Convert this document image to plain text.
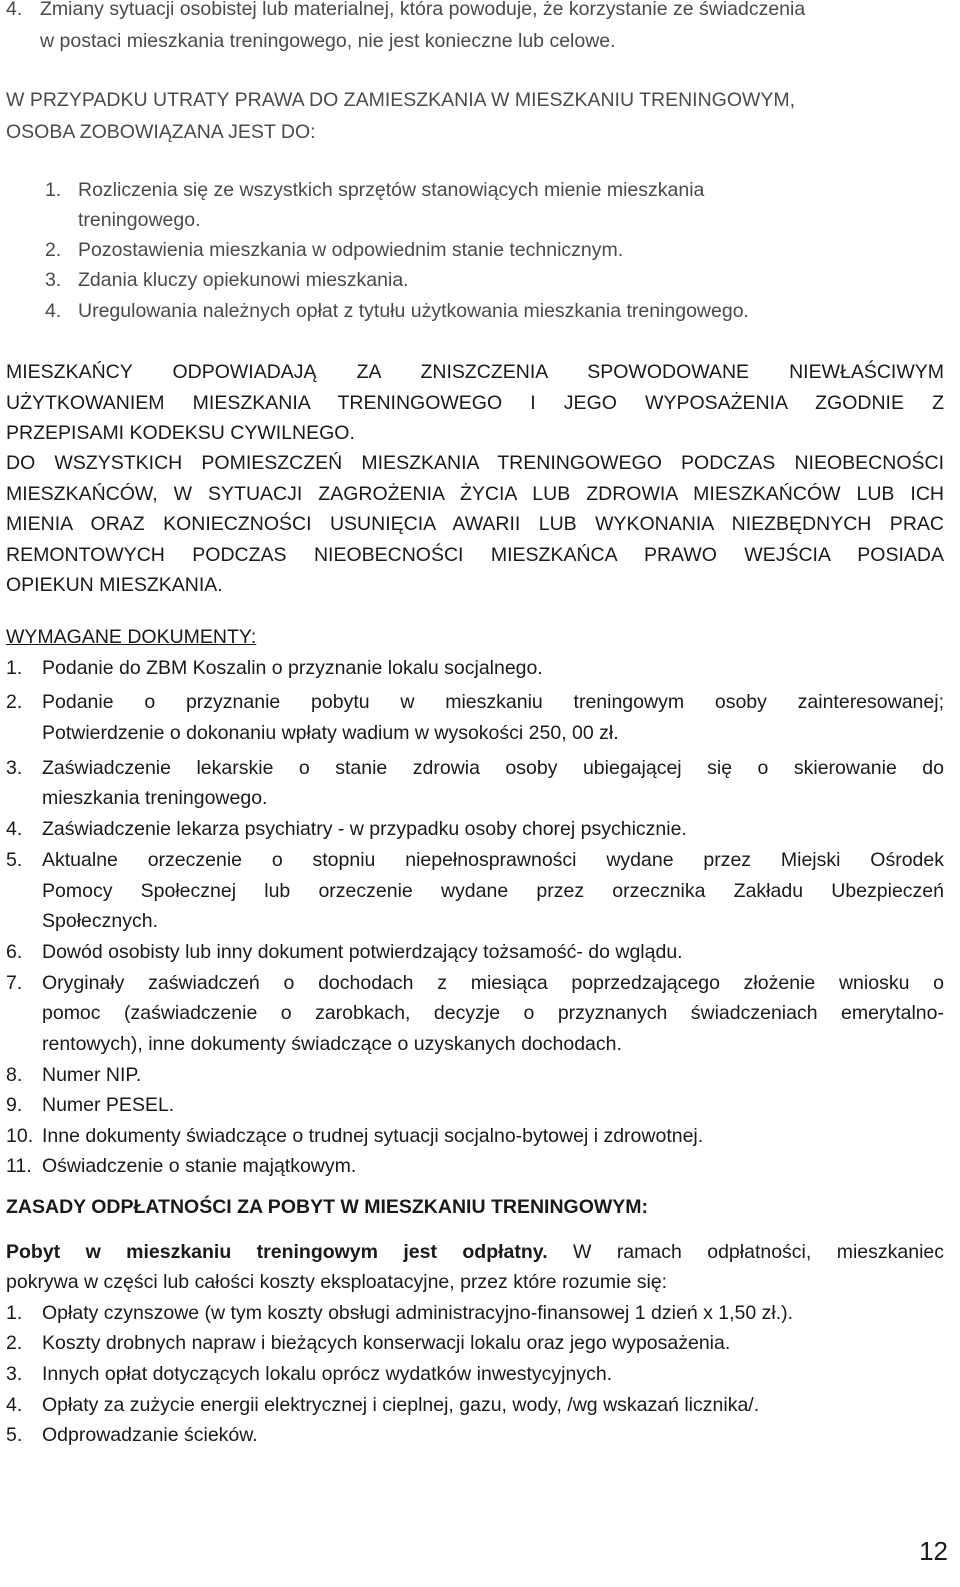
4. Zmiany sytuacji osobistej lub materialnej, która powoduje, że korzystanie ze świadczenia
w postaci mieszkania treningowego, nie jest konieczne lub celowe.
W PRZYPADKU UTRATY PRAWA DO ZAMIESZKANIA W MIESZKANIU TRENINGOWYM,
OSOBA ZOBOWIĄZANA JEST DO:
1. Rozliczenia się ze wszystkich sprzętów stanowiących mienie mieszkania
treningowego.
2. Pozostawienia mieszkania w odpowiednim stanie technicznym.
3. Zdania kluczy opiekunowi mieszkania.
4. Uregulowania należnych opłat z tytułu użytkowania mieszkania treningowego.
MIESZKAŃCY ODPOWIADAJĄ ZA ZNISZCZENIA SPOWODOWANE NIEWŁAŚCIWYM
UŻYTKOWANIEM MIESZKANIA TRENINGOWEGO I JEGO WYPOSAŻENIA ZGODNIE Z
PRZEPISAMI KODEKSU CYWILNEGO.
DO WSZYSTKICH POMIESZCZEŃ MIESZKANIA TRENINGOWEGO PODCZAS NIEOBECNOŚCI
MIESZKAŃCÓW, W SYTUACJI ZAGROŻENIA ŻYCIA LUB ZDROWIA MIESZKAŃCÓW LUB ICH
MIENIA ORAZ KONIECZNOŚCI USUNIĘCIA AWARII LUB WYKONANIA NIEZBĘDNYCH PRAC
REMONTOWYCH PODCZAS NIEOBECNOŚCI MIESZKAŃCA PRAWO WEJŚCIA POSIADA
OPIEKUN MIESZKANIA.
WYMAGANE DOKUMENTY:
1. Podanie do ZBM Koszalin o przyznanie lokalu socjalnego.
2. Podanie o przyznanie pobytu w mieszkaniu treningowym osoby zainteresowanej;
Potwierdzenie o dokonaniu wpłaty wadium w wysokości 250, 00 zł.
3. Zaświadczenie lekarskie o stanie zdrowia osoby ubiegającej się o skierowanie do
mieszkania treningowego.
4. Zaświadczenie lekarza psychiatry - w przypadku osoby chorej psychicznie.
5. Aktualne orzeczenie o stopniu niepełnosprawności wydane przez Miejski Ośrodek
Pomocy Społecznej lub orzeczenie wydane przez orzecznika Zakładu Ubezpieczeń
Społecznych.
6. Dowód osobisty lub inny dokument potwierdzający tożsamość- do wglądu.
7. Oryginały zaświadczeń o dochodach z miesiąca poprzedzającego złożenie wniosku o
pomoc (zaświadczenie o zarobkach, decyzje o przyznanych świadczeniach emerytalno-
rentowych), inne dokumenty świadczące o uzyskanych dochodach.
8. Numer NIP.
9. Numer PESEL.
10. Inne dokumenty świadczące o trudnej sytuacji socjalno-bytowej i zdrowotnej.
11. Oświadczenie o stanie majątkowym.
ZASADY ODPŁATNOŚCI ZA POBYT W MIESZKANIU TRENINGOWYM:
Pobyt w mieszkaniu treningowym jest odpłatny. W ramach odpłatności, mieszkaniec
pokrywa w części lub całości koszty eksploatacyjne, przez które rozumie się:
1. Opłaty czynszowe (w tym koszty obsługi administracyjno-finansowej 1 dzień x 1,50 zł.).
2. Koszty drobnych napraw i bieżących konserwacji lokalu oraz jego wyposażenia.
3. Innych opłat dotyczących lokalu oprócz wydatków inwestycyjnych.
4. Opłaty za zużycie energii elektrycznej i cieplnej, gazu, wody, /wg wskazań licznika/.
5. Odprowadzanie ścieków.
12
